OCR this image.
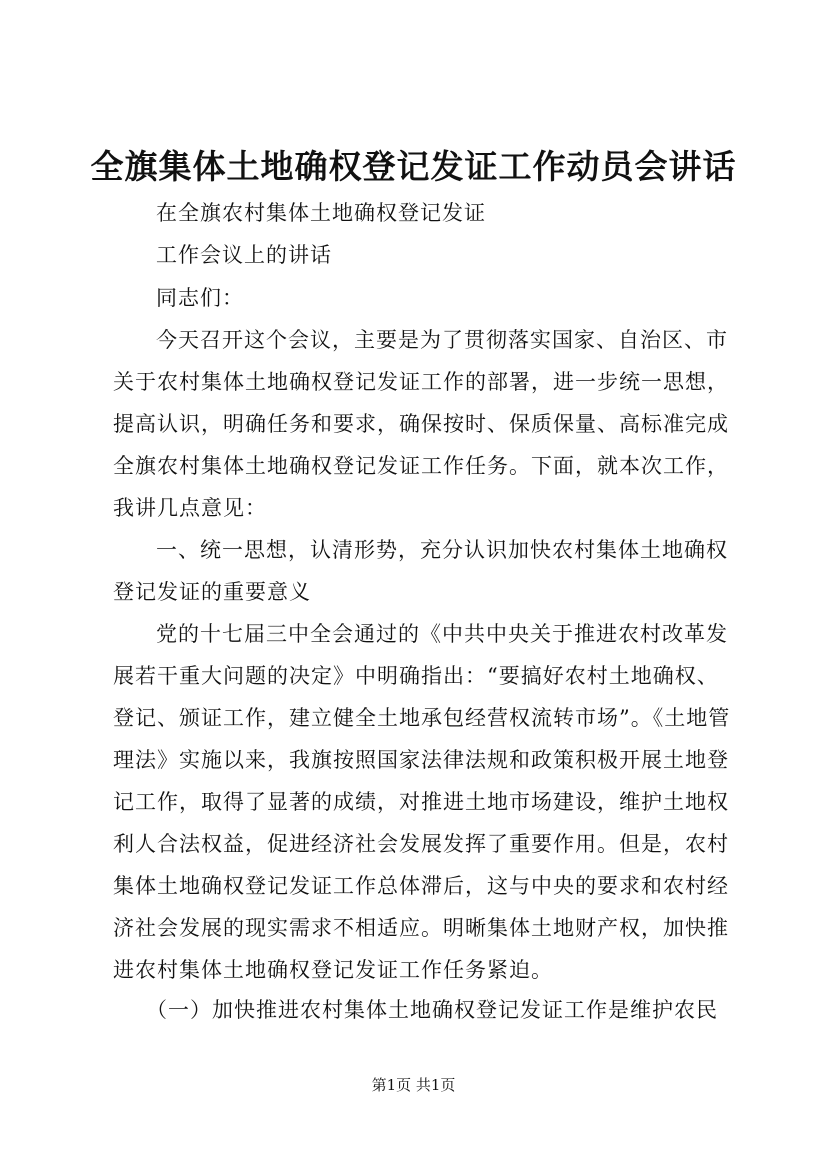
全旗集体土地确权登记发证工作动员会讲话
在全旗农村集体土地确权登记发证
工作会议上的讲话
同志们：
今天召开这个会议，主要是为了贯彻落实国家、自治区、市
关于农村集体土地确权登记发证工作的部署，进一步统一思想，
提高认识，明确任务和要求，确保按时、保质保量、高标准完成
全旗农村集体土地确权登记发证工作任务。下面，就本次工作，
我讲几点意见：
一、统一思想，认清形势，充分认识加快农村集体土地确权
登记发证的重要意义
党的十七届三中全会通过的《中共中央关于推进农村改革发
展若干重大问题的决定》中明确指出：“要搞好农村土地确权、
登记、颁证工作，建立健全土地承包经营权流转市场”。《土地管
理法》实施以来，我旗按照国家法律法规和政策积极开展土地登
记工作，取得了显著的成绩，对推进土地市场建设，维护土地权
利人合法权益，促进经济社会发展发挥了重要作用。但是，农村
集体土地确权登记发证工作总体滞后，这与中央的要求和农村经
济社会发展的现实需求不相适应。明晰集体土地财产权，加快推
进农村集体土地确权登记发证工作任务紧迫。
（一）加快推进农村集体土地确权登记发证工作是维护农民
第1页 共1页
